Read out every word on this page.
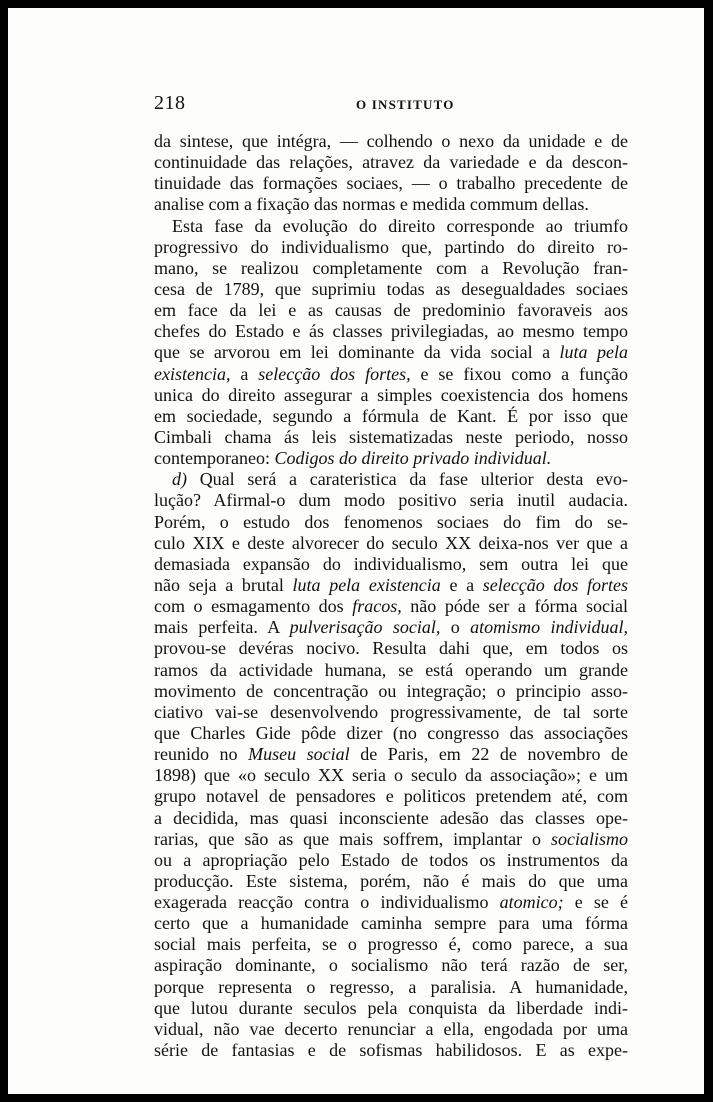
218	O INSTITUTO
da sintese, que intégra, — colhendo o nexo da unidade e de
continuidade das relações, atravez da variedade e da descon-
tinuidade das formações sociaes, — o trabalho precedente de
analise com a fixação das normas e medida commum dellas.
Esta fase da evolução do direito corresponde ao triumfo
progressivo do individualismo que, partindo do direito ro-
mano, se realizou completamente com a Revolução fran-
cesa de 1789, que suprimiu todas as desegualdades sociaes
em face da lei e as causas de predominio favoraveis aos
chefes do Estado e ás classes privilegiadas, ao mesmo tempo
que se arvorou em lei dominante da vida social a luta pela
existencia, a selecção dos fortes, e se fixou como a função
unica do direito assegurar a simples coexistencia dos homens
em sociedade, segundo a fórmula de Kant. É por isso que
Cimbali chama ás leis sistematizadas neste periodo, nosso
contemporaneo: Codigos do direito privado individual.
d) Qual será a carateristica da fase ulterior desta evo-
lução? Afirmal-o dum modo positivo seria inutil audacia.
Porém, o estudo dos fenomenos sociaes do fim do se-
culo XIX e deste alvorecer do seculo XX deixa-nos ver que a
demasiada expansão do individualismo, sem outra lei que
não seja a brutal luta pela existencia e a selecção dos fortes
com o esmagamento dos fracos, não póde ser a fórma social
mais perfeita. A pulverisação social, o atomismo individual,
provou-se devéras nocivo. Resulta dahi que, em todos os
ramos da actividade humana, se está operando um grande
movimento de concentração ou integração; o principio asso-
ciativo vai-se desenvolvendo progressivamente, de tal sorte
que Charles Gide pôde dizer (no congresso das associações
reunido no Museu social de Paris, em 22 de novembro de
1898) que «o seculo XX seria o seculo da associação»; e um
grupo notavel de pensadores e politicos pretendem até, com
a decidida, mas quasi inconsciente adesão das classes ope-
rarias, que são as que mais soffrem, implantar o socialismo
ou a apropriação pelo Estado de todos os instrumentos da
producção. Este sistema, porém, não é mais do que uma
exagerada reacção contra o individualismo atomico; e se é
certo que a humanidade caminha sempre para uma fórma
social mais perfeita, se o progresso é, como parece, a sua
aspiração dominante, o socialismo não terá razão de ser,
porque representa o regresso, a paralisia. A humanidade,
que lutou durante seculos pela conquista da liberdade indi-
vidual, não vae decerto renunciar a ella, engodada por uma
série de fantasias e de sofismas habilidosos. E as expe-
